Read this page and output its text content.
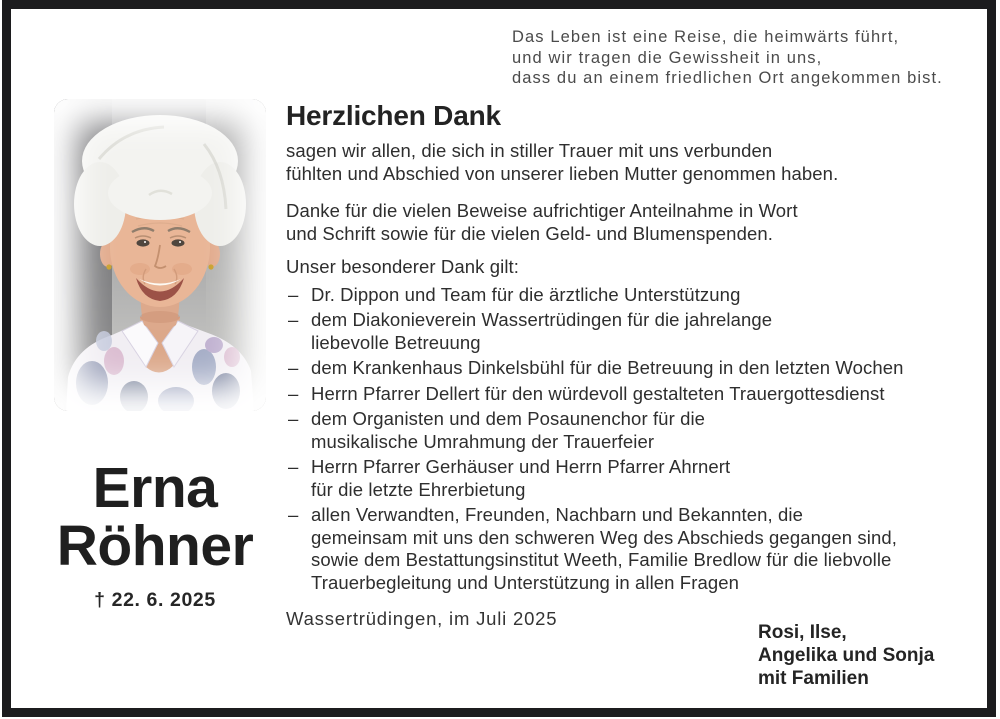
Das Leben ist eine Reise, die heimwärts führt,
und wir tragen die Gewissheit in uns,
dass du an einem friedlichen Ort angekommen bist.
Herzlichen Dank

sagen wir allen, die sich in stiller Trauer mit uns verbunden
fühlten und Abschied von unserer lieben Mutter genommen haben.

Danke für die vielen Beweise aufrichtiger Anteilnahme in Wort
und Schrift sowie für die vielen Geld- und Blumenspenden.

Unser besonderer Dank gilt:
– Dr. Dippon und Team für die ärztliche Unterstützung
– dem Diakonieverein Wassertrüdingen für die jahrelange
liebevolle Betreuung
– dem Krankenhaus Dinkelsbühl für die Betreuung in den letzten Wochen
– Herrn Pfarrer Dellert für den würdevoll gestalteten Trauergottesdienst
– dem Organisten und dem Posaunenchor für die
musikalische Umrahmung der Trauerfeier
– Herrn Pfarrer Gerhäuser und Herrn Pfarrer Ahrnert
für die letzte Ehrerbietung
– allen Verwandten, Freunden, Nachbarn und Bekannten, die
gemeinsam mit uns den schweren Weg des Abschieds gegangen sind,
sowie dem Bestattungsinstitut Weeth, Familie Bredlow für die liebvolle
Trauerbegleitung und Unterstützung in allen Fragen
Wassertrüdingen, im Juli 2025
Erna
Röhner
† 22. 6. 2025
Rosi, Ilse,
Angelika und Sonja
mit Familien
